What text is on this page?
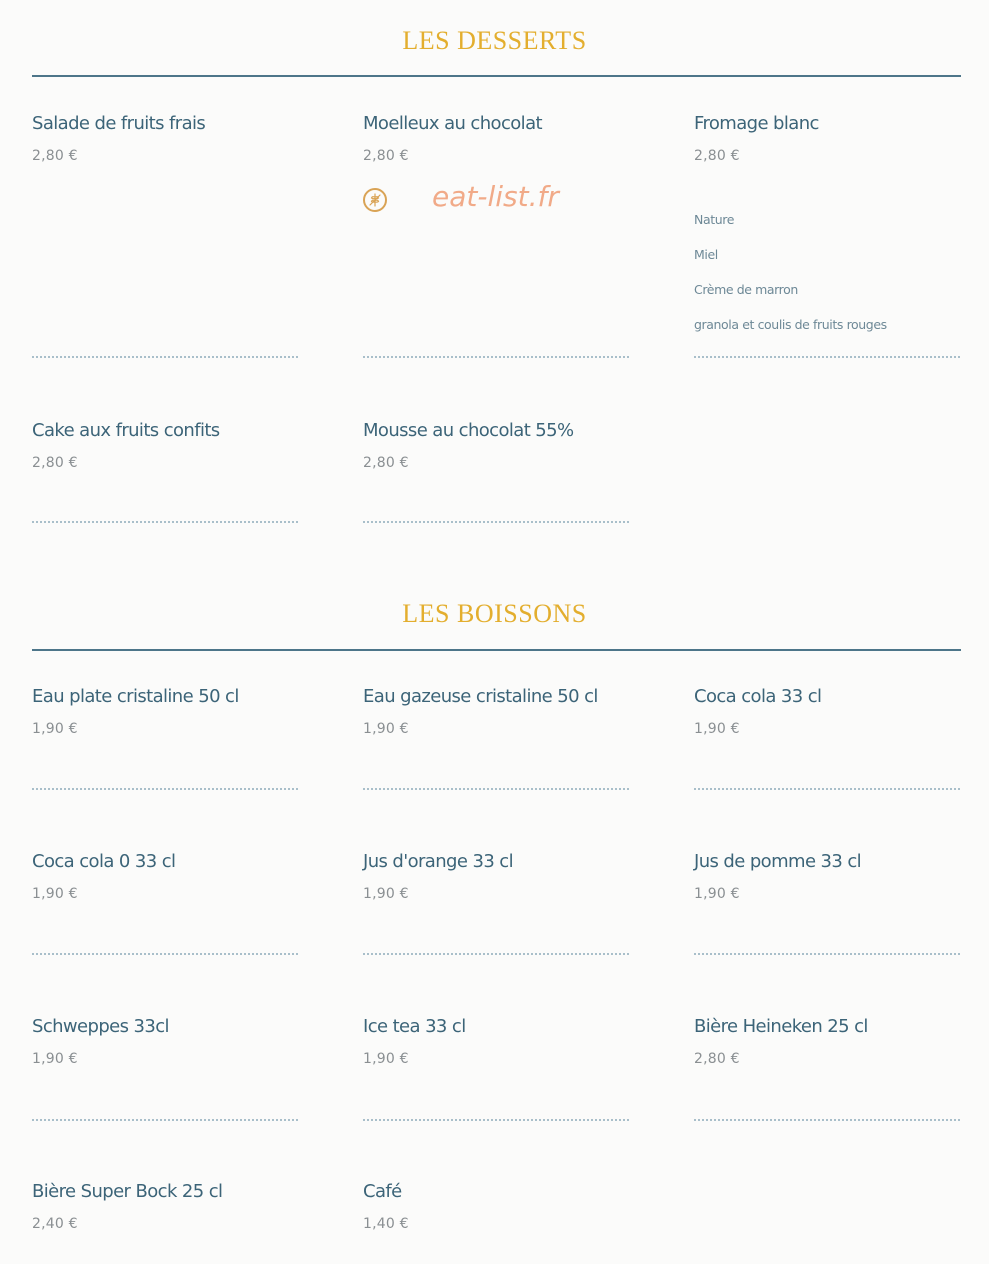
LES DESSERTS
Salade de fruits frais
2,80 €
Moelleux au chocolat
2,80 €
Fromage blanc
2,80 €
Nature
Miel
Crème de marron
granola et coulis de fruits rouges
Cake aux fruits confits
2,80 €
Mousse au chocolat 55%
2,80 €
eat-list.fr
LES BOISSONS
Eau plate cristaline 50 cl
1,90 €
Eau gazeuse cristaline 50 cl
1,90 €
Coca cola 33 cl
1,90 €
Coca cola 0 33 cl
1,90 €
Jus d'orange 33 cl
1,90 €
Jus de pomme 33 cl
1,90 €
Schweppes 33cl
1,90 €
Ice tea 33 cl
1,90 €
Bière Heineken 25 cl
2,80 €
Bière Super Bock 25 cl
2,40 €
Café
1,40 €
